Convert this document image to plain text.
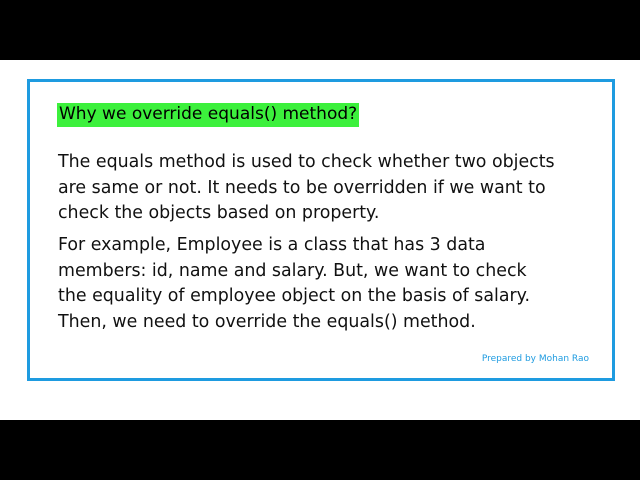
Why we override equals() method?

The equals method is used to check whether two objects
are same or not. It needs to be overridden if we want to
check the objects based on property.

For example, Employee is a class that has 3 data
members: id, name and salary. But, we want to check
the equality of employee object on the basis of salary.
Then, we need to override the equals() method.

Prepared by Mohan Rao
